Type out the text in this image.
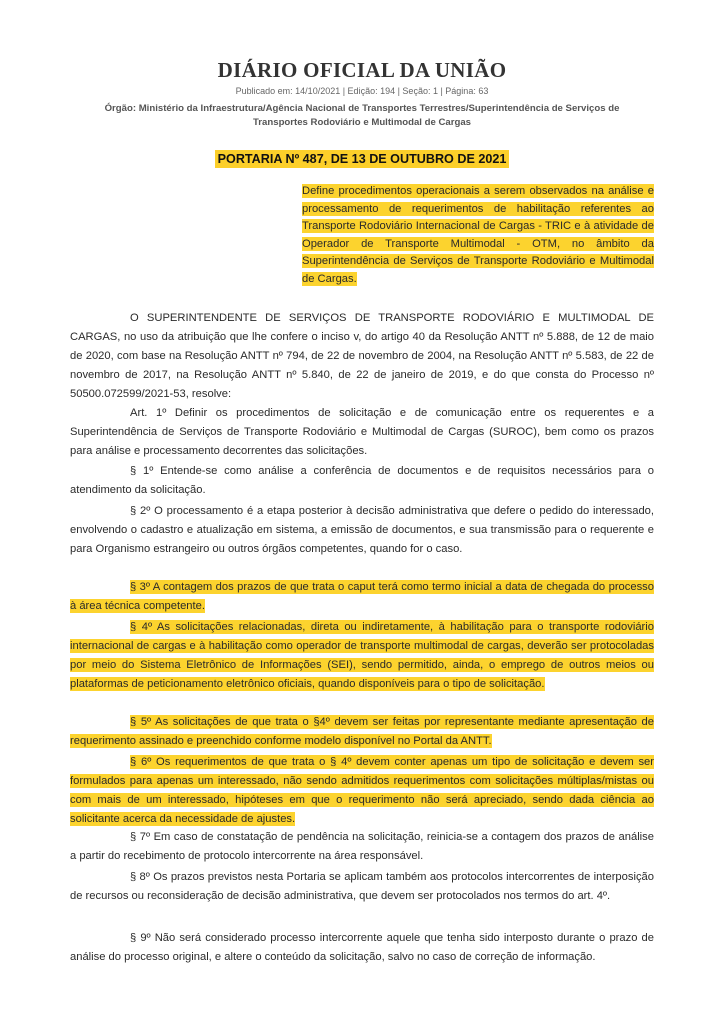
DIÁRIO OFICIAL DA UNIÃO
Publicado em: 14/10/2021 | Edição: 194 | Seção: 1 | Página: 63
Órgão: Ministério da Infraestrutura/Agência Nacional de Transportes Terrestres/Superintendência de Serviços de Transportes Rodoviário e Multimodal de Cargas
PORTARIA Nº 487, DE 13 DE OUTUBRO DE 2021
Define procedimentos operacionais a serem observados na análise e processamento de requerimentos de habilitação referentes ao Transporte Rodoviário Internacional de Cargas - TRIC e à atividade de Operador de Transporte Multimodal - OTM, no âmbito da Superintendência de Serviços de Transporte Rodoviário e Multimodal de Cargas.

O SUPERINTENDENTE DE SERVIÇOS DE TRANSPORTE RODOVIÁRIO E MULTIMODAL DE CARGAS, no uso da atribuição que lhe confere o inciso v, do artigo 40 da Resolução ANTT nº 5.888, de 12 de maio de 2020, com base na Resolução ANTT nº 794, de 22 de novembro de 2004, na Resolução ANTT nº 5.583, de 22 de novembro de 2017, na Resolução ANTT nº 5.840, de 22 de janeiro de 2019, e do que consta do Processo nº 50500.072599/2021-53, resolve:

Art. 1º Definir os procedimentos de solicitação e de comunicação entre os requerentes e a Superintendência de Serviços de Transporte Rodoviário e Multimodal de Cargas (SUROC), bem como os prazos para análise e processamento decorrentes das solicitações.

§ 1º Entende-se como análise a conferência de documentos e de requisitos necessários para o atendimento da solicitação.

§ 2º O processamento é a etapa posterior à decisão administrativa que defere o pedido do interessado, envolvendo o cadastro e atualização em sistema, a emissão de documentos, e sua transmissão para o requerente e para Organismo estrangeiro ou outros órgãos competentes, quando for o caso.

§ 3º A contagem dos prazos de que trata o caput terá como termo inicial a data de chegada do processo à área técnica competente.

§ 4º As solicitações relacionadas, direta ou indiretamente, à habilitação para o transporte rodoviário internacional de cargas e à habilitação como operador de transporte multimodal de cargas, deverão ser protocoladas por meio do Sistema Eletrônico de Informações (SEI), sendo permitido, ainda, o emprego de outros meios ou plataformas de peticionamento eletrônico oficiais, quando disponíveis para o tipo de solicitação.

§ 5º As solicitações de que trata o §4º devem ser feitas por representante mediante apresentação de requerimento assinado e preenchido conforme modelo disponível no Portal da ANTT.

§ 6º Os requerimentos de que trata o § 4º devem conter apenas um tipo de solicitação e devem ser formulados para apenas um interessado, não sendo admitidos requerimentos com solicitações múltiplas/mistas ou com mais de um interessado, hipóteses em que o requerimento não será apreciado, sendo dada ciência ao solicitante acerca da necessidade de ajustes.

§ 7º Em caso de constatação de pendência na solicitação, reinicia-se a contagem dos prazos de análise a partir do recebimento de protocolo intercorrente na área responsável.

§ 8º Os prazos previstos nesta Portaria se aplicam também aos protocolos intercorrentes de interposição de recursos ou reconsideração de decisão administrativa, que devem ser protocolados nos termos do art. 4º.

§ 9º Não será considerado processo intercorrente aquele que tenha sido interposto durante o prazo de análise do processo original, e altere o conteúdo da solicitação, salvo no caso de correção de informação.
